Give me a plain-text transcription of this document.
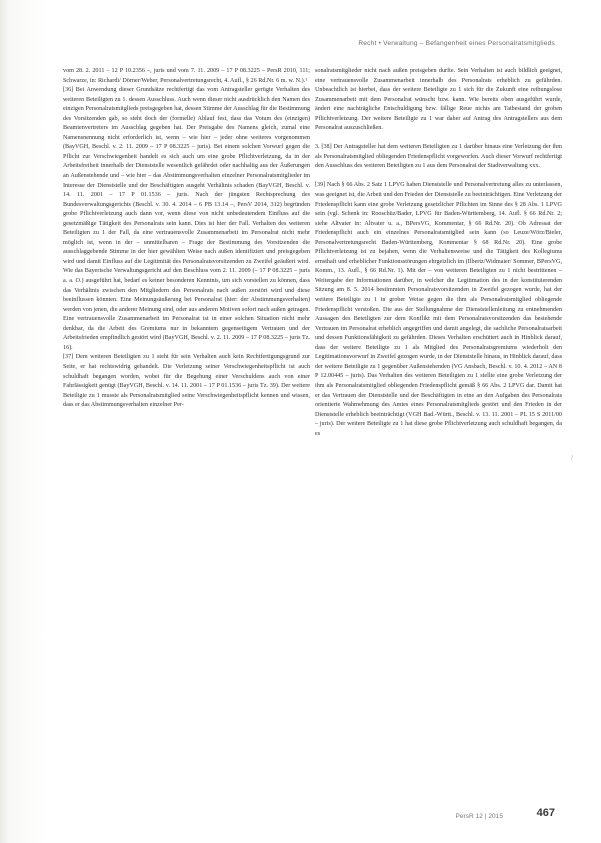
Recht • Verwaltung – Befangenheit eines Personalratsmitglieds

vom 28. 2. 2011 – 12 P 10.2356 –, juris und vom 7. 11. 2009 – 17 P 08.3225 – PersR 2010, 111; Schwarze, in: Richardi/ Dörner/Weber, Personalvertretungsrecht, 4. Aufl., § 26 Rd.Nr. 6 m. w. N.).¹

[36] Bei Anwendung dieser Grundsätze rechtfertigt das vom Antragsteller gerügte Verhalten des weiteren Beteiligten zu 1. dessen Ausschluss. Auch wenn dieser nicht ausdrücklich den Namen des einzigen Personalratsmitglieds preisgegeben hat, dessen Stimme der Ausschlag für die Bestimmung des Vorsitzenden gab, so steht doch der (formelle) Ablauf fest, dass das Votum des (einzigen) Beamtenvertreters im Ausschlag gegeben hat. Der Preisgabe des Namens gleich, zumal eine Namensnennung nicht erforderlich ist, wenn – wie hier – jeder ohne weiteres vorgenommen (BayVGH, Beschl. v. 2. 11. 2009 – 17 P 08.3225 – juris). Bei einem solchen Vorwurf gegen die Pflicht zur Verschwiegenheit handelt es sich auch um eine grobe Pflichtverletzung, da in der Arbeitsfreiheit innerhalb der Dienststelle wesentlich gefährdet oder nachhaltig aus der Äußerungen an Außenstehende und – wie hier – das Abstimmungsverhalten einzelner Personalratsmitglieder im Interesse der Dienststelle und der Beschäftigten ausgeht Verhältnis schaden (BayVGH, Beschl. v. 14. 11. 2001 – 17 P 01.1536 – juris. Nach der jüngsten Rechtsprechung des Bundesverwaltungsgerichts (Beschl. v. 30. 4. 2014 – 6 PB 13.14 –, PersV 2014, 312) begründen grobe Pflichtverletzung auch dann vor, wenn diese von nicht unbedeutendem Einfluss auf die gesetzmäßige Tätigkeit des Personalrats sein kann. Dies ist hier der Fall. Verhalten des weiteren Beteiligten zu 1 der Fall, da eine vertrauensvolle Zusammenarbeit im Personalrat nicht mehr möglich ist, wenn in der – unmittelbaren – Frage der Bestimmung des Vorsitzenden die ausschlaggebende Stimme in der hier gewählten Weise nach außen identifiziert und preisgegeben wird und damit Einfluss auf die Legitimität des Personalratsvorsitzenden zu Zweifel geäußert wird. Wie das Bayerische Verwaltungsgericht auf den Beschluss vom 2. 11. 2009 (– 17 P 08.3225 – juris a. a. O.) ausgeführt hat, bedarf es keiner besonderen Kenntnis, um sich vorstellen zu können, dass das Verhältnis zwischen den Mitgliedern des Personalrats nach außen zerstört wird und diese beeinflussen könnten. Eine Meinungsäußerung bei Personalrat (hier: der Abstimmungsverhalten) werden von jenen, die anderer Meinung sind, oder aus anderen Motiven sofort nach außen getragen. Eine vertrauensvolle Zusammenarbeit im Personalrat ist in einer solchen Situation nicht mehr denkbar, da die Arbeit des Gremiums nur in bekanntem gegenseitigem Vertrauen und der Arbeitsfrieden empfindlich gestört wird (BayVGH, Beschl. v. 2. 11. 2009 – 17 P 08.3225 – juris Tz. 16).

[37] Dem weiteren Beteiligten zu 1 steht für sein Verhalten auch kein Rechtfertigungsgrund zur Seite, er hat rechtswidrig gehandelt. Die Verletzung seiner Verschwiegenheitspflicht ist auch schuldhaft begangen worden, wobei für die Begehung einer Verschuldens auch von einer Fahrlässigkeit genügt (BayVGH, Beschl. v. 14. 11. 2001 – 17 P 01.1536 – juris Tz. 39). Der weitere Beteiligte zu 1 musste als Personalratsmitglied seine Verschwiegenheitspflicht kennen und wissen, dass er das Abstimmungsverhalten einzelner Per-

sonalratsmitglieder nicht nach außen preisgeben durfte. Sein Verhalten ist auch bildlich geeignet, eine vertrauensvolle Zusammenarbeit innerhalb des Personalrats erheblich zu gefährden. Unbeachtlich ist hierbei, dass der weitere Beteiligte zu 1 sich für die Zukunft eine reibungslose Zusammenarbeit mit dem Personalrat wünscht bzw. kann. Wie bereits oben ausgeführt wurde, ändert eine nachträgliche Entschuldigung bzw. fällige Reue nichts am Tatbestand der groben Pflichtverletzung. Der weitere Beteiligte zu 1 war daher auf Antrag des Antragstellers aus dem Personalrat auszuschließen.

3. [38] Der Antragsteller hat dem weiteren Beteiligten zu 1 darüber hinaus eine Verletzung der ihm als Personalratsmitglied obliegenden Friedenspflicht vorgeworfen. Auch dieser Vorwurf rechtfertigt den Ausschluss des weiteren Beteiligten zu 1 aus dem Personalrat der Stadtverwaltung xxx.

[39] Nach § 66 Abs. 2 Satz 1 LPVG haben Dienststelle und Personalvertretung alles zu unterlassen, was geeignet ist, die Arbeit und den Frieden der Dienststelle zu beeinträchtigen. Eine Verletzung der Friedenspflicht kann eine grobe Verletzung gesetzlicher Pflichten im Sinne des § 28 Abs. 1 LPVG sein (vgl. Schenk in: Rooschüz/Bader, LPVG für Baden-Württemberg, 14. Aufl. § 66 Rd.Nr. 2; siehe Altvater in: Altvater u. a., BPersVG, Kommentar, § 66 Rd.Nr. 20). Ob Adressat der Friedenspflicht auch ein einzelnes Personalratsmitglied sein kann (so Leuze/Wörz/Bieler, Personalvertretungsrecht Baden-Württemberg, Kommentar § 68 Rd.Nr. 20). Eine grobe Pflichtverletzung ist zu bejahen, wenn die Verhaltensweise und die Tätigkeit des Kollegiums ernsthaft und erheblicher Funktionsstörungen ehrgeizlich im (Ilbertz/Widmaier/ Sommer, BPersVG, Komm., 13. Aufl., § 66 Rd.Nr. 1). Mit der – von weiteren Beteiligten zu 1 nicht bestrittenen – Weitergabe der Informationen darüber, in welcher die Legitimation des in der konstituierenden Sitzung am 8. 5. 2014 bestimmten Personalratsvorsitzenden in Zweifel gezogen wurde, hat der weitere Beteiligte zu 1 in grober Weise gegen die ihm als Personalratsmitglied obliegende Friedenspflicht verstoßen. Die aus der Stellungnahme der Dienststellenleitung zu entnehmenden Aussagen des Beteiligten zur dem Konflikt mit dem Personalratsvorsitzenden das bestehende Vertrauen im Personalrat erheblich angegriffen und damit angelegt, die sachliche Personalratsarbeit und dessen Funktionsfähigkeit zu gefährden. Dieses Verhalten erschüttert auch in Hinblick darauf, dass der weitere Beteiligte zu 1 als Mitglied des Personalratsgremiums wiederholt den Legitimationsvorwurf in Zweifel gezogen wurde, in der Dienststelle hinaus, in Hinblick darauf, dass der weitere Beteiligte zu 1 gegenüber Außenstehenden (VG Ansbach, Beschl. v. 10. 4. 2012 – AN 8 P 12.00445 – juris). Das Verhalten des weiteren Beteiligten zu 1 stellte eine grobe Verletzung der ihm als Personalratsmitglied obliegenden Friedenspflicht gemäß § 66 Abs. 2 LPVG dar. Damit hat er das Vertrauen der Dienststelle und der Beschäftigten in eine an den Aufgaben des Personalrats orientierte Wahrnehmung des Amtes eines Personalratsmitglieds gestört und den Frieden in der Dienststelle erheblich beeinträchtigt (VGH Bad.-Württ., Beschl. v. 13. 11. 2001 – PL 15 S 2011/00 – juris). Der weitere Beteiligte zu 1 hat diese grobe Pflichtverletzung auch schuldhaft begangen, da es

/
PersR 12 | 2015	467
